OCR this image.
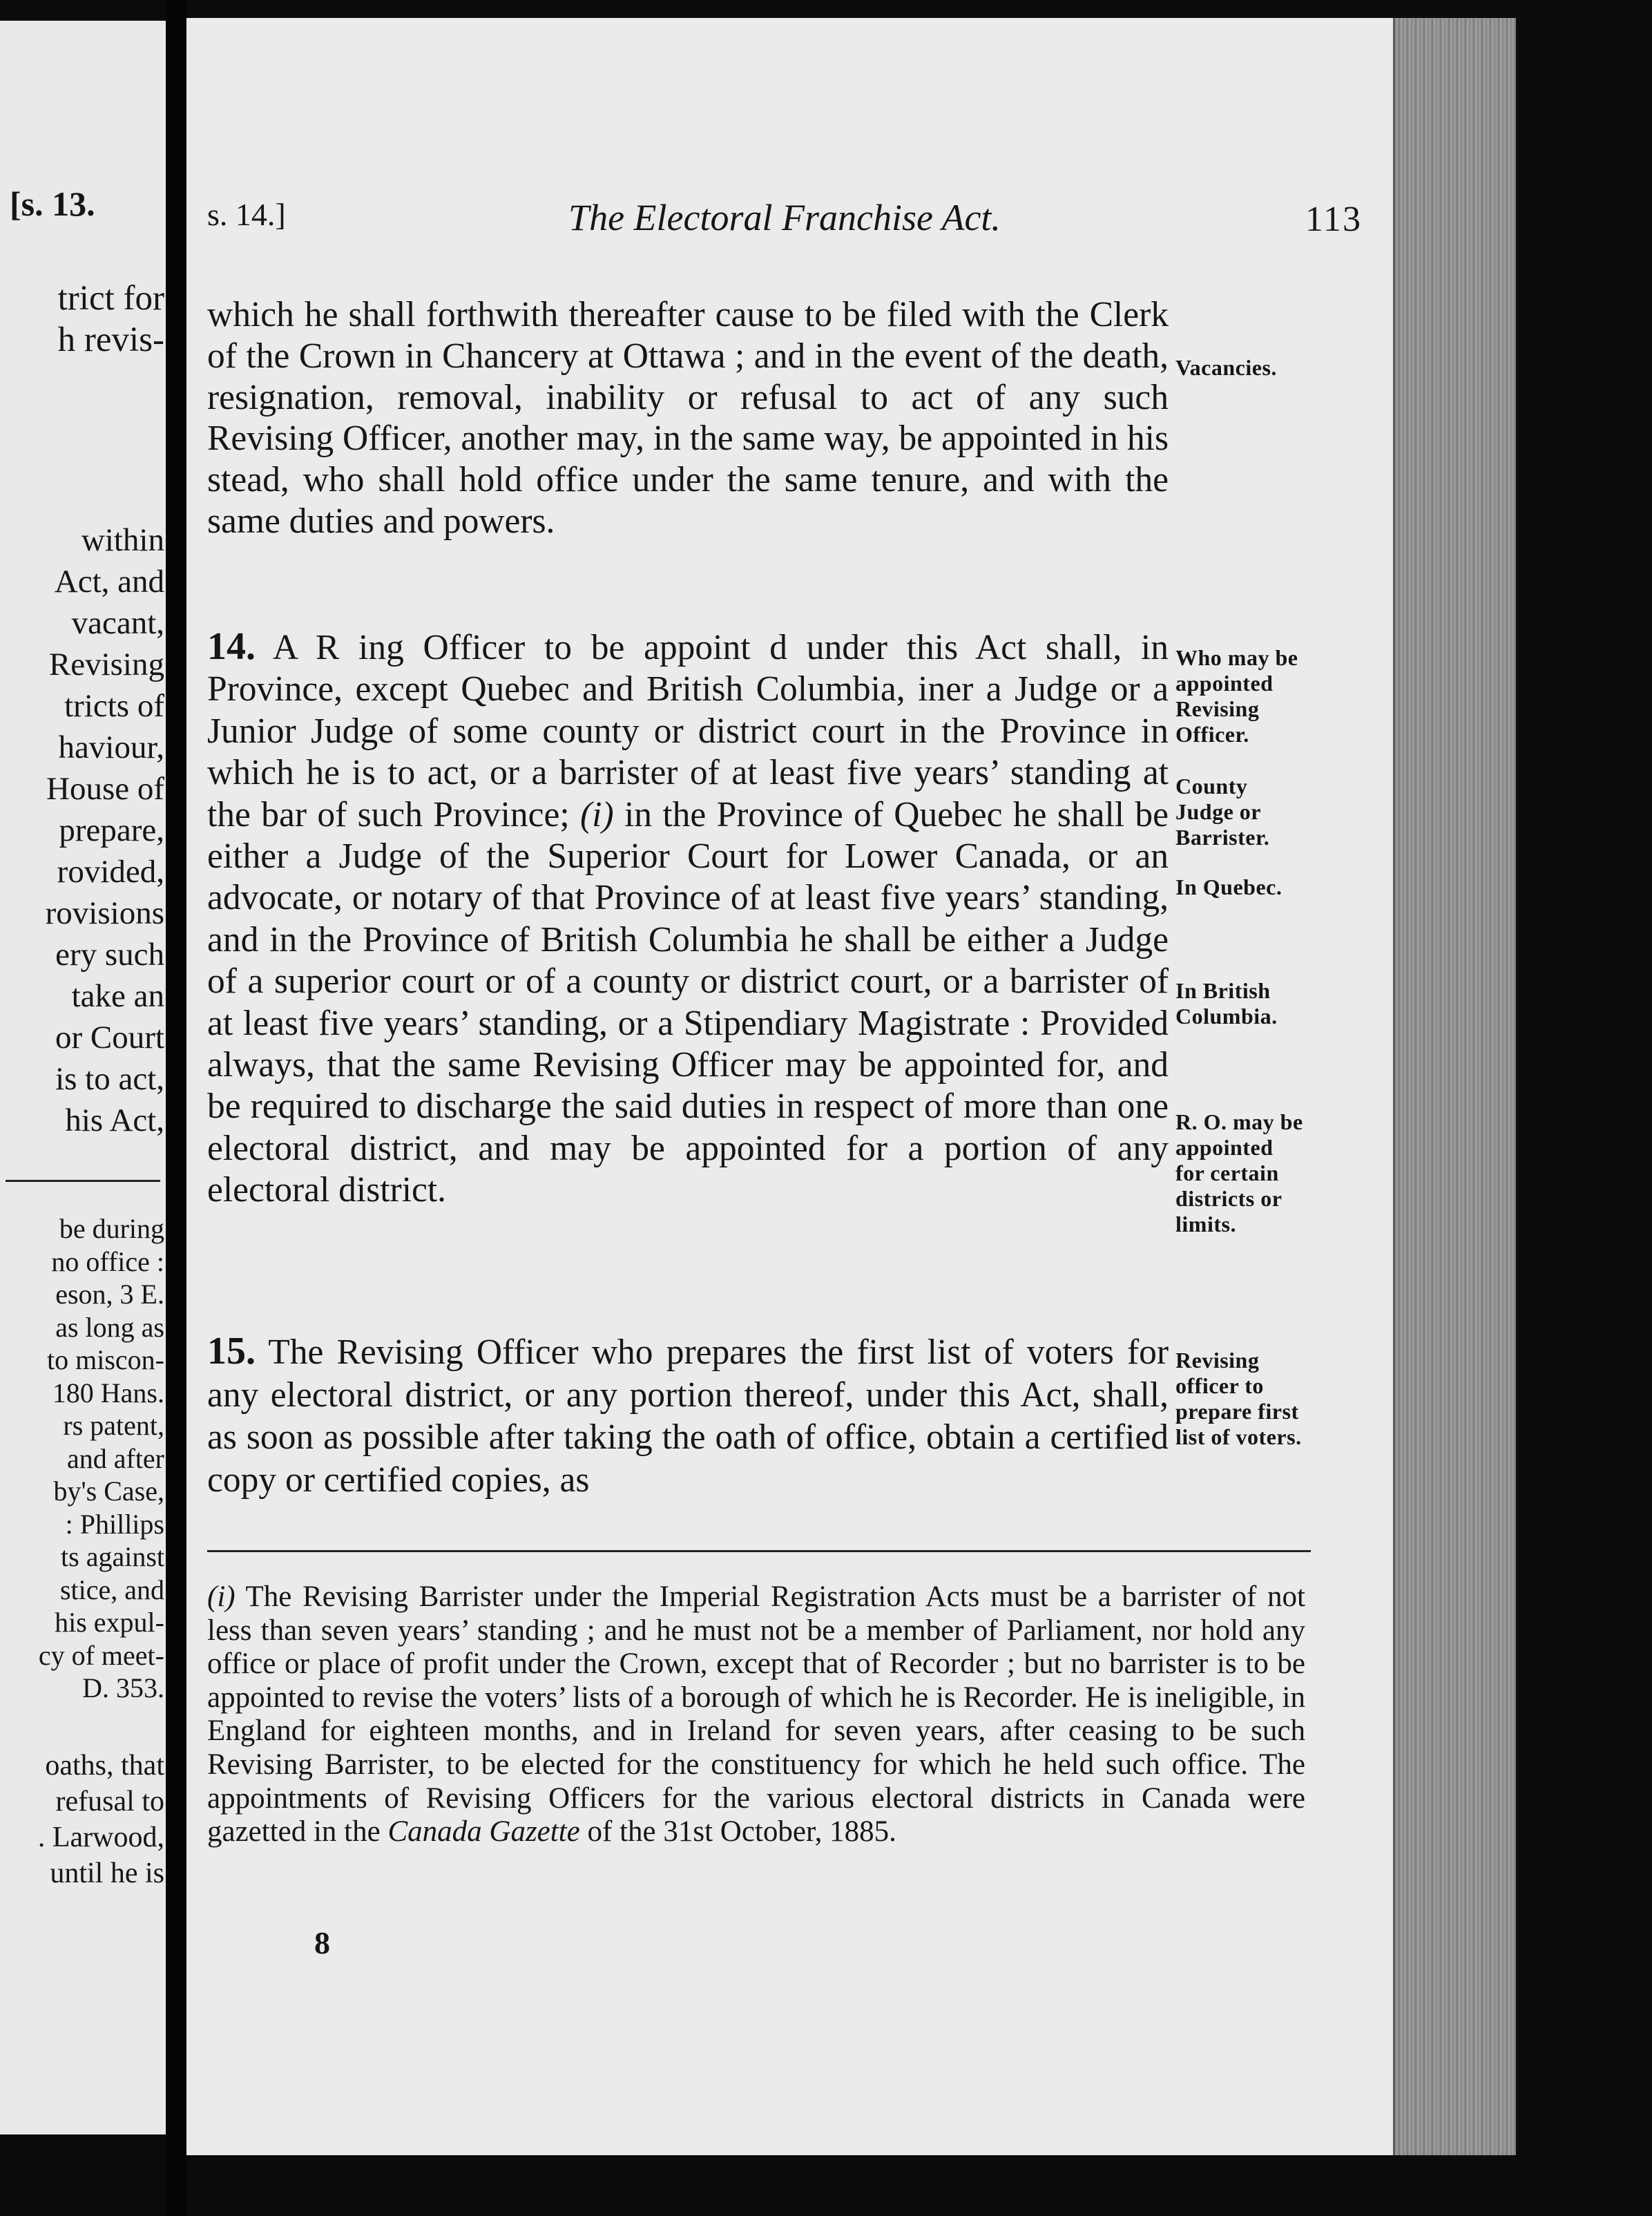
[s. 13.
trict for
h revis-
within
Act, and
vacant,
Revising
tricts of
haviour,
House of
prepare,
rovided,
rovisions
ery such
take an
or Court
is to act,
his Act,
be during
no office :
eson, 3 E.
as long as
to miscon-
180 Hans.
rs patent,
and after
by's Case,
: Phillips
ts against
stice, and
his expul-
cy of meet-
D. 353.
oaths, that
refusal to
. Larwood,
until he is
s. 14.]	The Electoral Franchise Act.	113

which he shall forthwith thereafter cause to be filed with the Clerk of the Crown in Chancery at Ottawa ; and in the event of the death, resignation, removal, inability or refusal to act of any such Revising Officer, another may, in the same way, be appointed in his stead, who shall hold office under the same tenure, and with the same duties and powers.

14. A R ing Officer to be appoint d under this Act shall, in Province, except Quebec and British Columbia, iner a Judge or a Junior Judge of some county or district court in the Province in which he is to act, or a barrister of at least five years’ standing at the bar of such Province; (i) in the Province of Quebec he shall be either a Judge of the Superior Court for Lower Canada, or an advocate, or notary of that Province of at least five years’ standing, and in the Province of British Columbia he shall be either a Judge of a superior court or of a county or district court, or a barrister of at least five years’ standing, or a Stipendiary Magistrate : Provided always, that the same Revising Officer may be appointed for, and be required to discharge the said duties in respect of more than one electoral district, and may be appointed for a portion of any electoral district.

15. The Revising Officer who prepares the first list of voters for any electoral district, or any portion thereof, under this Act, shall, as soon as possible after taking the oath of office, obtain a certified copy or certified copies, as

Vacancies.
Who may be
appointed
Revising
Officer.
County
Judge or
Barrister.
In Quebec.
In British
Columbia.
R. O. may be
appointed
for certain
districts or
limits.
Revising
officer to
prepare first
list of voters.
(i) The Revising Barrister under the Imperial Registration Acts must be a barrister of not less than seven years’ standing ; and he must not be a member of Parliament, nor hold any office or place of profit under the Crown, except that of Recorder ; but no barrister is to be appointed to revise the voters’ lists of a borough of which he is Recorder. He is ineligible, in England for eighteen months, and in Ireland for seven years, after ceasing to be such Revising Barrister, to be elected for the constituency for which he held such office. The appointments of Revising Officers for the various electoral districts in Canada were gazetted in the Canada Gazette of the 31st October, 1885.
8
